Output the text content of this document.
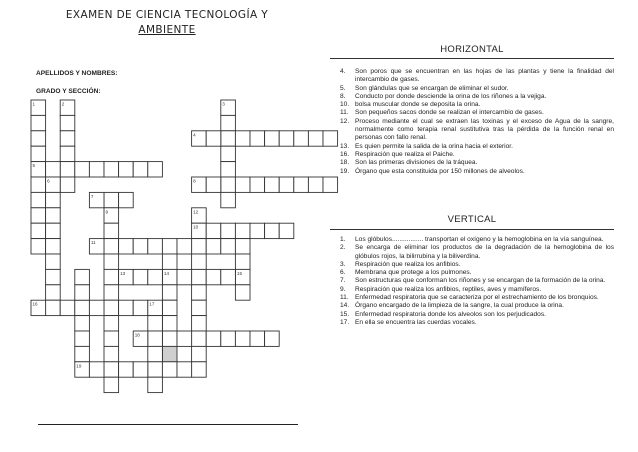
EXAMEN DE CIENCIA TECNOLOGÍA Y
AMBIENTE
APELLIDOS Y NOMBRES:
GRADO Y SECCIÓN:
1	2	3
4
5
6
7
8
9
10
11
12
13	14	15
16	17
18
19
HORIZONTAL
4. Son poros que se encuentran en las hojas de las plantas y tiene la finalidad del intercambio de gases.
5. Son glándulas que se encargan de eliminar el sudor.
8. Conducto por donde desciende la orina de los riñones a la vejiga.
10. bolsa muscular donde se deposita la orina.
11. Son pequeños sacos donde se realizan el intercambio de gases.
12. Proceso mediante el cual se extraen las toxinas y el exceso de Agua de la sangre, normalmente como terapia renal sustitutiva tras la pérdida de la función renal en personas con fallo renal.
13. Es quien permite la salida de la orina hacia el exterior.
16. Respiración que realiza el Paiche.
18. Son las primeras divisiones de la tráquea.
19. Órgano que esta constituida por 150 millones de alveolos.
VERTICAL
1. Los glóbulos................. transportan el oxígeno y la hemoglobina en la vía sanguínea.
2. Se encarga de eliminar los productos de la degradación de la hemoglobina de los glóbulos rojos, la bilirrubina y la biliverdina.
3. Respiración que realiza los anfibios.
6. Membrana que protege a los pulmones.
7. Son estructuras que conforman los riñones y se encargan de la formación de la orina.
9. Respiración que realiza los anfibios, reptiles, aves y mamíferos.
11. Enfermedad respiratoria que se caracteriza por el estrechamiento de los bronquios.
14. Órgano encargado de la limpieza de la sangre, la cual produce la orina.
15. Enfermedad respiratoria donde los alveolos son los perjudicados.
17. En ella se encuentra las cuerdas vocales.
